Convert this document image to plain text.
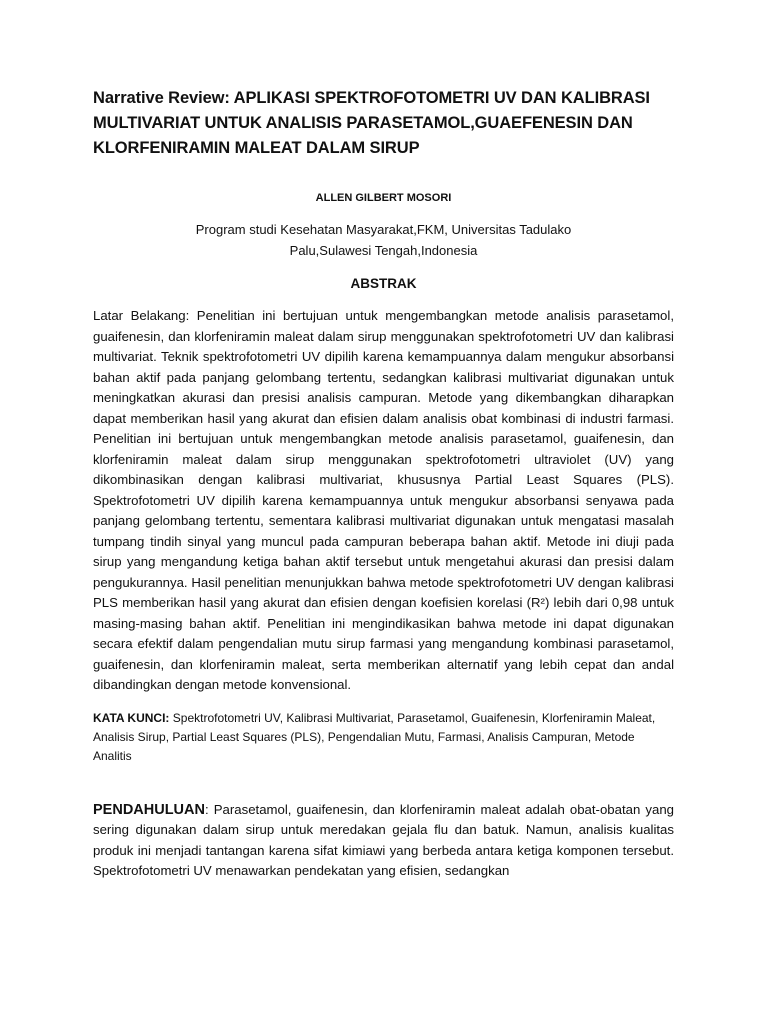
Narrative Review: APLIKASI SPEKTROFOTOMETRI UV DAN KALIBRASI MULTIVARIAT UNTUK ANALISIS PARASETAMOL,GUAEFENESIN DAN KLORFENIRAMIN MALEAT DALAM SIRUP

ALLEN GILBERT MOSORI

Program studi Kesehatan Masyarakat,FKM, Universitas Tadulako
Palu,Sulawesi Tengah,Indonesia

ABSTRAK

Latar Belakang: Penelitian ini bertujuan untuk mengembangkan metode analisis parasetamol, guaifenesin, dan klorfeniramin maleat dalam sirup menggunakan spektrofotometri UV dan kalibrasi multivariat. Teknik spektrofotometri UV dipilih karena kemampuannya dalam mengukur absorbansi bahan aktif pada panjang gelombang tertentu, sedangkan kalibrasi multivariat digunakan untuk meningkatkan akurasi dan presisi analisis campuran. Metode yang dikembangkan diharapkan dapat memberikan hasil yang akurat dan efisien dalam analisis obat kombinasi di industri farmasi. Penelitian ini bertujuan untuk mengembangkan metode analisis parasetamol, guaifenesin, dan klorfeniramin maleat dalam sirup menggunakan spektrofotometri ultraviolet (UV) yang dikombinasikan dengan kalibrasi multivariat, khususnya Partial Least Squares (PLS). Spektrofotometri UV dipilih karena kemampuannya untuk mengukur absorbansi senyawa pada panjang gelombang tertentu, sementara kalibrasi multivariat digunakan untuk mengatasi masalah tumpang tindih sinyal yang muncul pada campuran beberapa bahan aktif. Metode ini diuji pada sirup yang mengandung ketiga bahan aktif tersebut untuk mengetahui akurasi dan presisi dalam pengukurannya. Hasil penelitian menunjukkan bahwa metode spektrofotometri UV dengan kalibrasi PLS memberikan hasil yang akurat dan efisien dengan koefisien korelasi (R²) lebih dari 0,98 untuk masing-masing bahan aktif. Penelitian ini mengindikasikan bahwa metode ini dapat digunakan secara efektif dalam pengendalian mutu sirup farmasi yang mengandung kombinasi parasetamol, guaifenesin, dan klorfeniramin maleat, serta memberikan alternatif yang lebih cepat dan andal dibandingkan dengan metode konvensional.

KATA KUNCI: Spektrofotometri UV, Kalibrasi Multivariat, Parasetamol, Guaifenesin, Klorfeniramin Maleat, Analisis Sirup, Partial Least Squares (PLS), Pengendalian Mutu, Farmasi, Analisis Campuran, Metode Analitis

PENDAHULUAN: Parasetamol, guaifenesin, dan klorfeniramin maleat adalah obat-obatan yang sering digunakan dalam sirup untuk meredakan gejala flu dan batuk. Namun, analisis kualitas produk ini menjadi tantangan karena sifat kimiawi yang berbeda antara ketiga komponen tersebut. Spektrofotometri UV menawarkan pendekatan yang efisien, sedangkan
